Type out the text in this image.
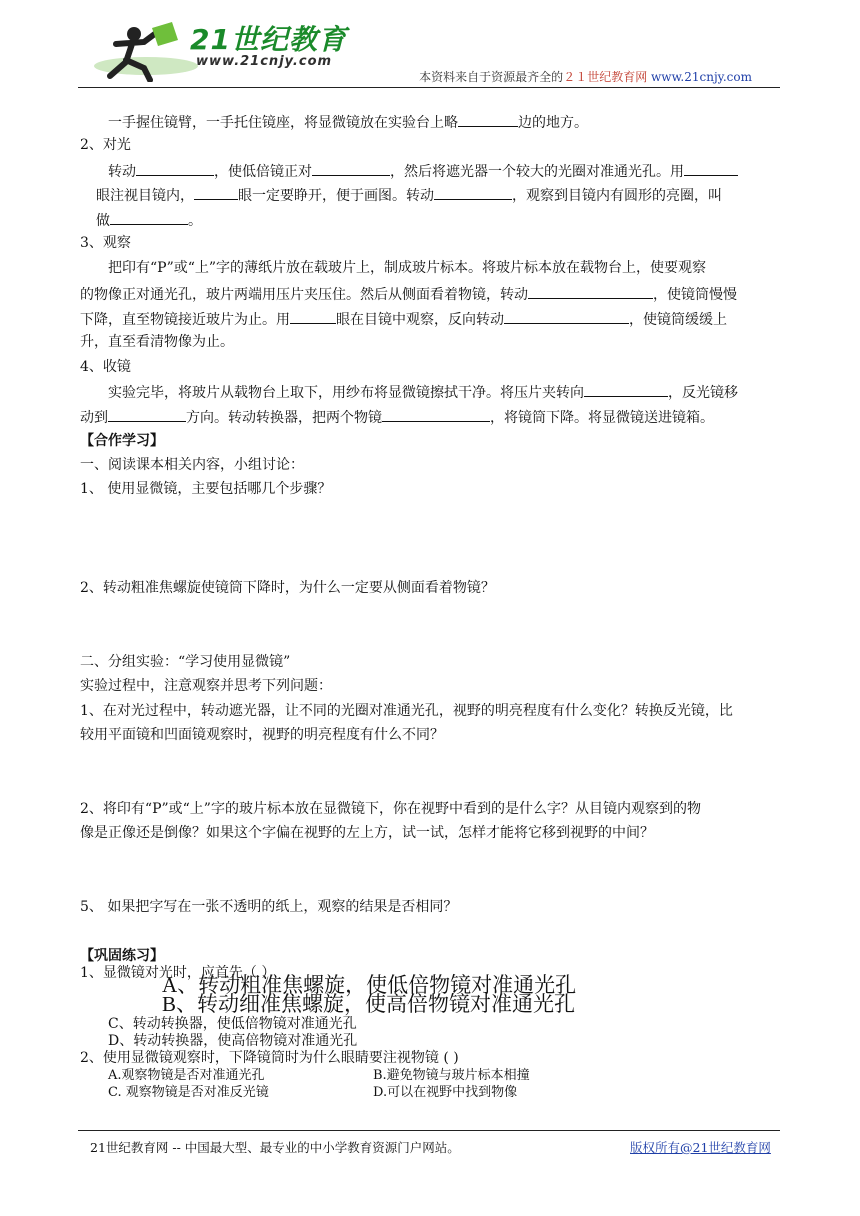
21世纪教育
www.21cnjy.com
本资料来自于资源最齐全的２１世纪教育网 www.21cnjy.com
一手握住镜臂，一手托住镜座，将显微镜放在实验台上略	边的地方。
2、对光
转动	，使低倍镜正对	，然后将遮光器一个较大的光圈对准通光孔。用
眼注视目镜内，	眼一定要睁开，便于画图。转动	，观察到目镜内有圆形的亮圈，叫
做	。
3、观察
把印有“P”或“上”字的薄纸片放在载玻片上，制成玻片标本。将玻片标本放在载物台上，使要观察
的物像正对通光孔，玻片两端用压片夹压住。然后从侧面看着物镜，转动	，使镜筒慢慢
下降，直至物镜接近玻片为止。用	眼在目镜中观察，反向转动	，使镜筒缓缓上
升，直至看清物像为止。
4、收镜
实验完毕，将玻片从载物台上取下，用纱布将显微镜擦拭干净。将压片夹转向	，反光镜移
动到	方向。转动转换器，把两个物镜	，将镜筒下降。将显微镜送进镜箱。
【合作学习】
一、阅读课本相关内容，小组讨论：
1、 使用显微镜，主要包括哪几个步骤？
2、转动粗准焦螺旋使镜筒下降时，为什么一定要从侧面看着物镜？
二、分组实验：“学习使用显微镜”
实验过程中，注意观察并思考下列问题：
1、在对光过程中，转动遮光器，让不同的光圈对准通光孔，视野的明亮程度有什么变化？转换反光镜，比
较用平面镜和凹面镜观察时，视野的明亮程度有什么不同？
2、将印有“P”或“上”字的玻片标本放在显微镜下，你在视野中看到的是什么字？从目镜内观察到的物
像是正像还是倒像？如果这个字偏在视野的左上方，试一试，怎样才能将它移到视野的中间？
5、 如果把字写在一张不透明的纸上，观察的结果是否相同？
【巩固练习】
1、显微镜对光时，应首先（ ）
A、转动粗准焦螺旋，使低倍物镜对准通光孔
B、转动细准焦螺旋，使高倍物镜对准通光孔
C、转动转换器，使低倍物镜对准通光孔
D、转动转换器，使高倍物镜对准通光孔
2、使用显微镜观察时，下降镜筒时为什么眼睛要注视物镜 ( )
A.观察物镜是否对准通光孔	B.避免物镜与玻片标本相撞
C. 观察物镜是否对准反光镜	D.可以在视野中找到物像
21世纪教育网 -- 中国最大型、最专业的中小学教育资源门户网站。	版权所有@21世纪教育网
